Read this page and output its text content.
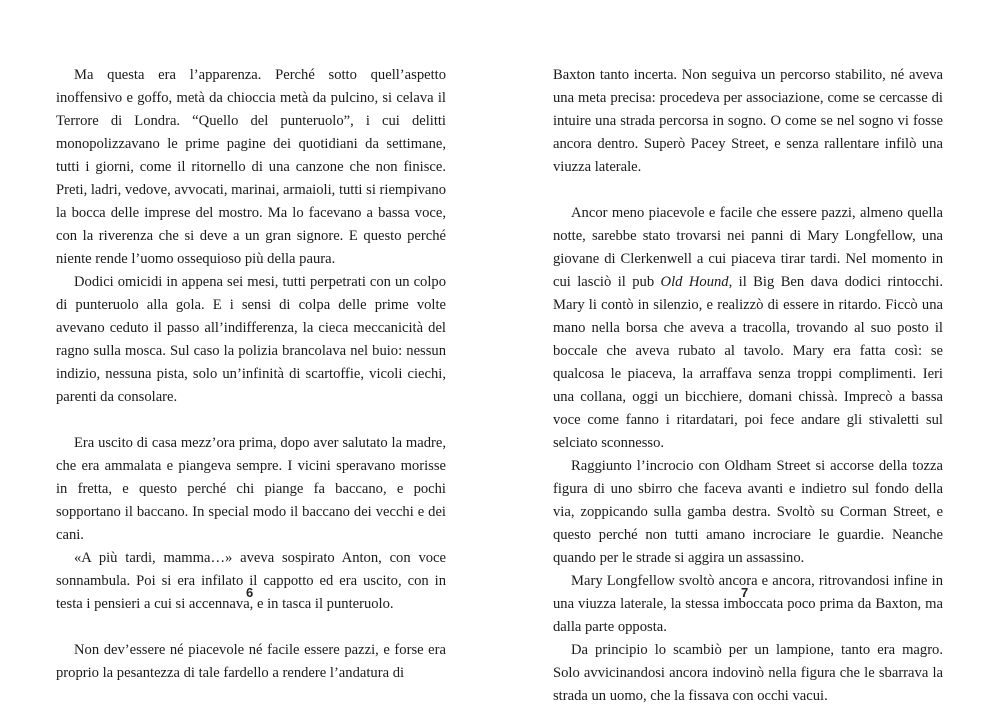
Ma questa era l’apparenza. Perché sotto quell’aspetto inoffensivo e goffo, metà da chioccia metà da pulcino, si celava il Terrore di Londra. “Quello del punteruolo”, i cui delitti monopolizzavano le prime pagine dei quotidiani da settimane, tutti i giorni, come il ritornello di una canzone che non finisce. Preti, ladri, vedove, avvocati, marinai, armaioli, tutti si riempivano la bocca delle imprese del mostro. Ma lo facevano a bassa voce, con la riverenza che si deve a un gran signore. E questo perché niente rende l’uomo ossequioso più della paura.

Dodici omicidi in appena sei mesi, tutti perpetrati con un colpo di punteruolo alla gola. E i sensi di colpa delle prime volte avevano ceduto il passo all’indifferenza, la cieca meccanicità del ragno sulla mosca. Sul caso la polizia brancolava nel buio: nessun indizio, nessuna pista, solo un’infinità di scartoffie, vicoli ciechi, parenti da consolare.

Era uscito di casa mezz’ora prima, dopo aver salutato la madre, che era ammalata e piangeva sempre. I vicini speravano morisse in fretta, e questo perché chi piange fa baccano, e pochi sopportano il baccano. In special modo il baccano dei vecchi e dei cani.

«A più tardi, mamma…» aveva sospirato Anton, con voce sonnambula. Poi si era infilato il cappotto ed era uscito, con in testa i pensieri a cui si accennava, e in tasca il punteruolo.

Non dev’essere né piacevole né facile essere pazzi, e forse era proprio la pesantezza di tale fardello a rendere l’andatura di

6

Baxton tanto incerta. Non seguiva un percorso stabilito, né aveva una meta precisa: procedeva per associazione, come se cercasse di intuire una strada percorsa in sogno. O come se nel sogno vi fosse ancora dentro. Superò Pacey Street, e senza rallentare infilò una viuzza laterale.

Ancor meno piacevole e facile che essere pazzi, almeno quella notte, sarebbe stato trovarsi nei panni di Mary Longfellow, una giovane di Clerkenwell a cui piaceva tirar tardi. Nel momento in cui lasciò il pub Old Hound, il Big Ben dava dodici rintocchi. Mary li contò in silenzio, e realizzò di essere in ritardo. Ficcò una mano nella borsa che aveva a tracolla, trovando al suo posto il boccale che aveva rubato al tavolo. Mary era fatta così: se qualcosa le piaceva, la arraffava senza troppi complimenti. Ieri una collana, oggi un bicchiere, domani chissà. Imprecò a bassa voce come fanno i ritardatari, poi fece andare gli stivaletti sul selciato sconnesso.

Raggiunto l’incrocio con Oldham Street si accorse della tozza figura di uno sbirro che faceva avanti e indietro sul fondo della via, zoppicando sulla gamba destra. Svoltò su Corman Street, e questo perché non tutti amano incrociare le guardie. Neanche quando per le strade si aggira un assassino.

Mary Longfellow svoltò ancora e ancora, ritrovandosi infine in una viuzza laterale, la stessa imboccata poco prima da Baxton, ma dalla parte opposta.

Da principio lo scambiò per un lampione, tanto era magro. Solo avvicinandosi ancora indovinò nella figura che le sbarrava la strada un uomo, che la fissava con occhi vacui.

7
